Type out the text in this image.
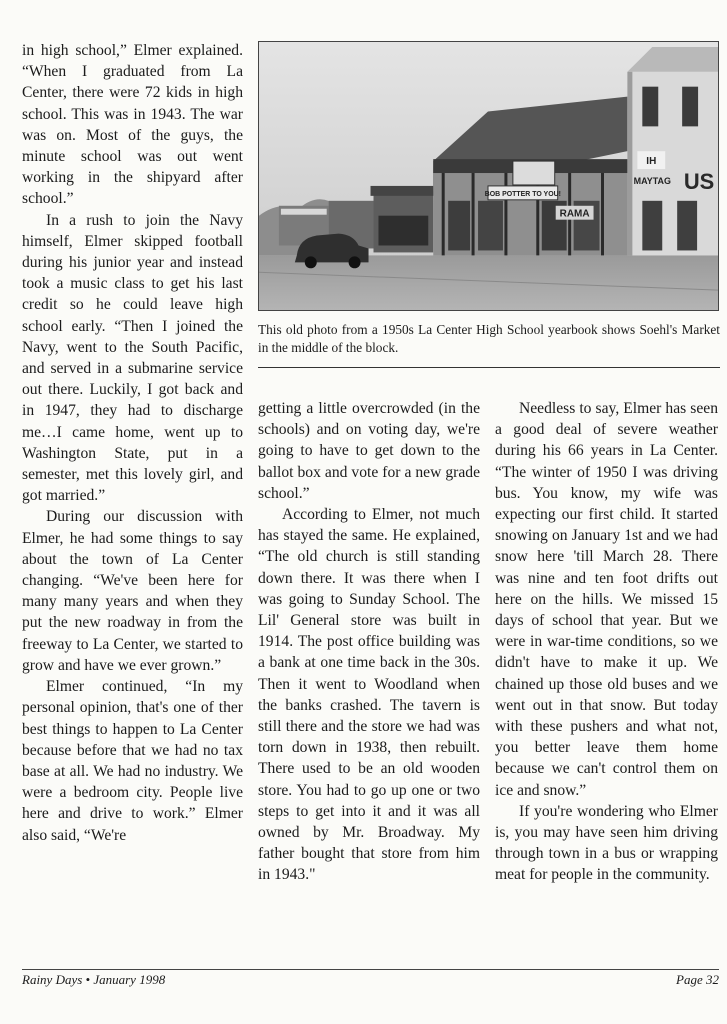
in high school,” Elmer explained. “When I graduated from La Center, there were 72 kids in high school. This was in 1943. The war was on. Most of the guys, the minute school was out went working in the shipyard after school.”

In a rush to join the Navy himself, Elmer skipped football during his junior year and instead took a music class to get his last credit so he could leave high school early. “Then I joined the Navy, went to the South Pacific, and served in a submarine service out there. Luckily, I got back and in 1947, they had to discharge me…I came home, went up to Washington State, put in a semester, met this lovely girl, and got married.”

During our discussion with Elmer, he had some things to say about the town of La Center changing. “We've been here for many many years and when they put the new roadway in from the freeway to La Center, we started to grow and have we ever grown.”

Elmer continued, “In my personal opinion, that's one of ther best things to happen to La Center because before that we had no tax base at all. We had no industry. We were a bedroom city. People live here and drive to work.” Elmer also said, “We're

BOB POTTER TO YOU!
RAMA
IH
MAYTAG US
This old photo from a 1950s La Center High School yearbook shows Soehl's Market in the middle of the block.

getting a little overcrowded (in the schools) and on voting day, we're going to have to get down to the ballot box and vote for a new grade school.”

According to Elmer, not much has stayed the same. He explained, “The old church is still standing down there. It was there when I was going to Sunday School. The Lil' General store was built in 1914. The post office building was a bank at one time back in the 30s. Then it went to Woodland when the banks crashed. The tavern is still there and the store we had was torn down in 1938, then rebuilt. There used to be an old wooden store. You had to go up one or two steps to get into it and it was all owned by Mr. Broadway. My father bought that store from him in 1943."

Needless to say, Elmer has seen a good deal of severe weather during his 66 years in La Center. “The winter of 1950 I was driving bus. You know, my wife was expecting our first child. It started snowing on January 1st and we had snow here 'till March 28. There was nine and ten foot drifts out here on the hills. We missed 15 days of school that year. But we were in war-time conditions, so we didn't have to make it up. We chained up those old buses and we went out in that snow. But today with these pushers and what not, you better leave them home because we can't control them on ice and snow.”

If you're wondering who Elmer is, you may have seen him driving through town in a bus or wrapping meat for people in the community.

Rainy Days • January 1998	Page 32
